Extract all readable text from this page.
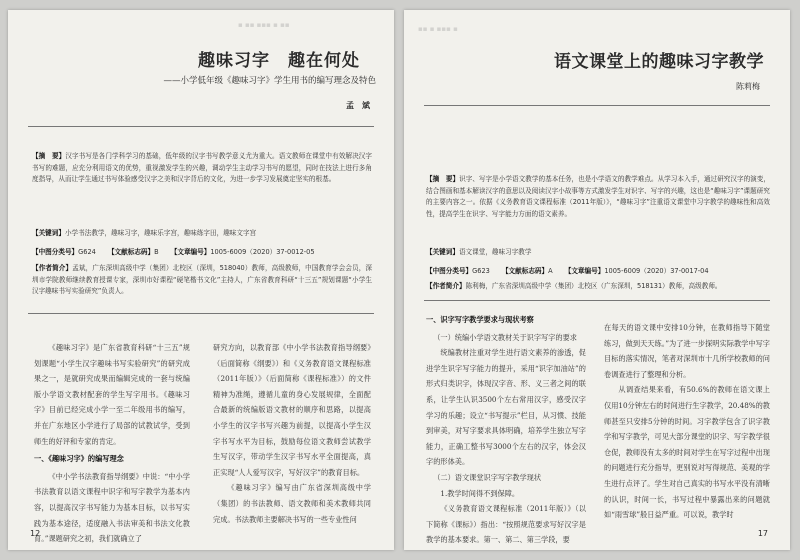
▪ ▪▪ ▪▪▪ ▪ ▪▪
趣味习字　趣在何处
——小学低年级《趣味习字》学生用书的编写理念及特色
孟　斌
【摘　要】汉字书写是各门学科学习的基础，低年级的汉字书写教学意义尤为重大。语文教师在课堂中有效解决汉字书写的难题，应充分利用语文的优势，重视激发学生的兴趣，调动学生主动学习书写的愿望，同时在技法上进行多角度指导，从而让学生通过书写体验感受汉字之美和汉字背后的文化，为进一步学习发展奠定坚实的根基。
【关键词】小学书法教学，趣味习字，趣味乐字宫，趣味练字田，趣味文字宫
【中图分类号】G624 【文献标志码】B 【文章编号】1005-6009（2020）37-0012-05
【作者简介】孟斌，广东深圳高级中学（集团）北校区（深圳，518040）教师，高级教师，中国教育学会会员，深圳市学院教师继续教育授课专家，深圳市好课程“硬笔楷书文化”主持人，广东省教育科研“十三五”规划课题“小学生汉字趣味书写实验研究”负责人。

《趣味习字》是广东省教育科研“十三五”规划课题“小学生汉字趣味书写实验研究”的研究成果之一，是就研究成果而编辑完成的一套与统编版小学语文教材配套的学生写字用书。《趣味习字》目前已经完成小学一至二年级用书的编写，并在广东地区小学进行了局部的试教试学，受到师生的好评和专家的肯定。

一、《趣味习字》的编写理念

《中小学书法教育指导纲要》中说：“中小学书法教育以语文课程中识字和写字教学为基本内容，以提高汉字书写能力为基本目标，以书写实践为基本途径，适度融入书法审美和书法文化教育。”课题研究之初，我们就确立了

研究方向，以教育部《中小学书法教育指导纲要》（后面简称《纲要》）和《义务教育语文课程标准（2011年版）》（后面简称《课程标准》）的文件精神为准绳，遵循儿童的身心发展规律，全面配合最新的统编版语文教材的顺序和思路，以提高小学生的汉字书写兴趣为前提，以提高小学生汉字书写水平为目标，鼓励每位语文教师尝试教学生写汉字，带动学生汉字书写水平全面提高，真正实现“人人爱写汉字，写好汉字”的教育目标。

《趣味习字》编写由广东省深圳高级中学（集团）的书法教师、语文教师和美术教师共同完成。书法教师主要解决书写的一些专业性问

12
▪▪ ▪ ▪▪▪ ▪
语文课堂上的趣味习字教学
陈莉梅
【摘　要】识字、写字是小学语文教学的基本任务，也是小学语文的教学难点。从学习本入手，通过研究汉字的演变，结合图画和基本解读汉字的意思以及阅读汉字小故事等方式激发学生对识字、写字的兴趣，这也是“趣味习字”课题研究的主要内容之一。依据《义务教育语文课程标准（2011年版）》，“趣味习字”注重语文课堂中习字教学的趣味性和高效性，提高学生在识字、写字能力方面的语文素养。
【关键词】语文课堂，趣味习字教学
【中图分类号】G623 【文献标志码】A 【文章编号】1005-6009（2020）37-0017-04
【作者简介】陈利梅，广东省深圳高级中学（集团）北校区（广东深圳，518131）教师，高级教师。

一、识字写字教学要求与现状考察

（一）统编小学语文教材关于识字写字的要求

统编教材注重对学生进行语文素养的渗透，促进学生识字写字能力的提升，采用“识字加油站”的形式归类识字，体现汉字音、形、义三者之间的联系，让学生认识3500个左右常用汉字，感受汉字学习的乐趣；设立“书写提示”栏目，从习惯、技能到审美，对写字要求具体明确，培养学生独立写字能力，正确工整书写3000个左右的汉字，体会汉字的形体美。

（二）语文课堂识字写字教学现状

1.教学时间得不到保障。

《义务教育语文课程标准（2011年版）》（以下简称《课标》）指出：“按照规范要求写好汉字是教学的基本要求。第一、第二、第三学段，要

在每天的语文课中安排10分钟，在教师指导下随堂练习，做到天天练。”为了进一步探明实际教学中写字目标的落实情况，笔者对深圳市十几所学校教师的问卷调查进行了整理和分析。

从调查结果来看，有50.6%的教师在语文课上仅用10分钟左右的时间进行生字教学，20.48%的教师甚至只安排5分钟的时间。习字教学包含了识字教学和写字教学，可见大部分课堂的识字、写字教学很仓促，教师没有太多的时间对学生在写字过程中出现的问题进行充分指导，更别说对写得规范、美观的学生进行点评了。学生对自己真实的书写水平没有清晰的认识，时间一长，书写过程中暴露出来的问题就如“雨雪球”般日益严重。可以说，教学时

17
